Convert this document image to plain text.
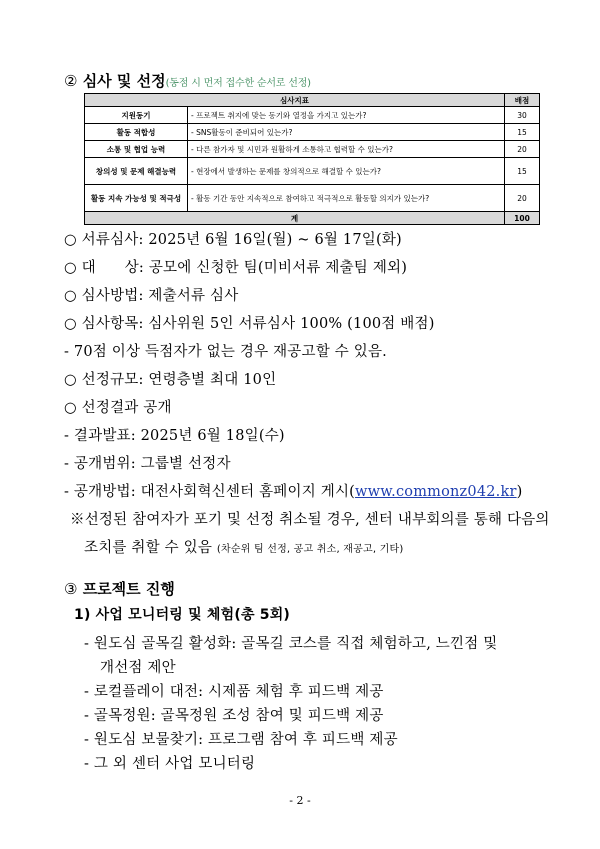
② 심사 및 선정(동점 시 먼저 접수한 순서로 선정)
심사지표		배점
지원동기	- 프로젝트 취지에 맞는 동기와 열정을 가지고 있는가?	30
활동 적합성	- SNS활동이 준비되어 있는가?	15
소통 및 협업 능력	- 다른 참가자 및 시민과 원활하게 소통하고 협력할 수 있는가?	20
창의성 및 문제 해결능력	- 현장에서 발생하는 문제를 창의적으로 해결할 수 있는가?	15
활동 지속 가능성 및 적극성	- 활동 기간 동안 지속적으로 참여하고 적극적으로 활동할 의지가 있는가?	20
계		100
○ 서류심사: 2025년 6월 16일(월) ~ 6월 17일(화)
○ 대      상: 공모에 신청한 팀(미비서류 제출팀 제외)
○ 심사방법: 제출서류 심사
○ 심사항목: 심사위원 5인 서류심사 100% (100점 배점)
- 70점 이상 득점자가 없는 경우 재공고할 수 있음.
○ 선정규모: 연령층별 최대 10인
○ 선정결과 공개
- 결과발표: 2025년 6월 18일(수)
- 공개범위: 그룹별 선정자
- 공개방법: 대전사회혁신센터 홈페이지 게시(www.commonz042.kr)
※선정된 참여자가 포기 및 선정 취소될 경우, 센터 내부회의를 통해 다음의
조치를 취할 수 있음 (차순위 팀 선정, 공고 취소, 재공고, 기타)
③ 프로젝트 진행
1) 사업 모니터링 및 체험(총 5회)
- 원도심 골목길 활성화: 골목길 코스를 직접 체험하고, 느낀점 및
개선점 제안
- 로컬플레이 대전: 시제품 체험 후 피드백 제공
- 골목정원: 골목정원 조성 참여 및 피드백 제공
- 원도심 보물찾기: 프로그램 참여 후 피드백 제공
- 그 외 센터 사업 모니터링
- 2 -
